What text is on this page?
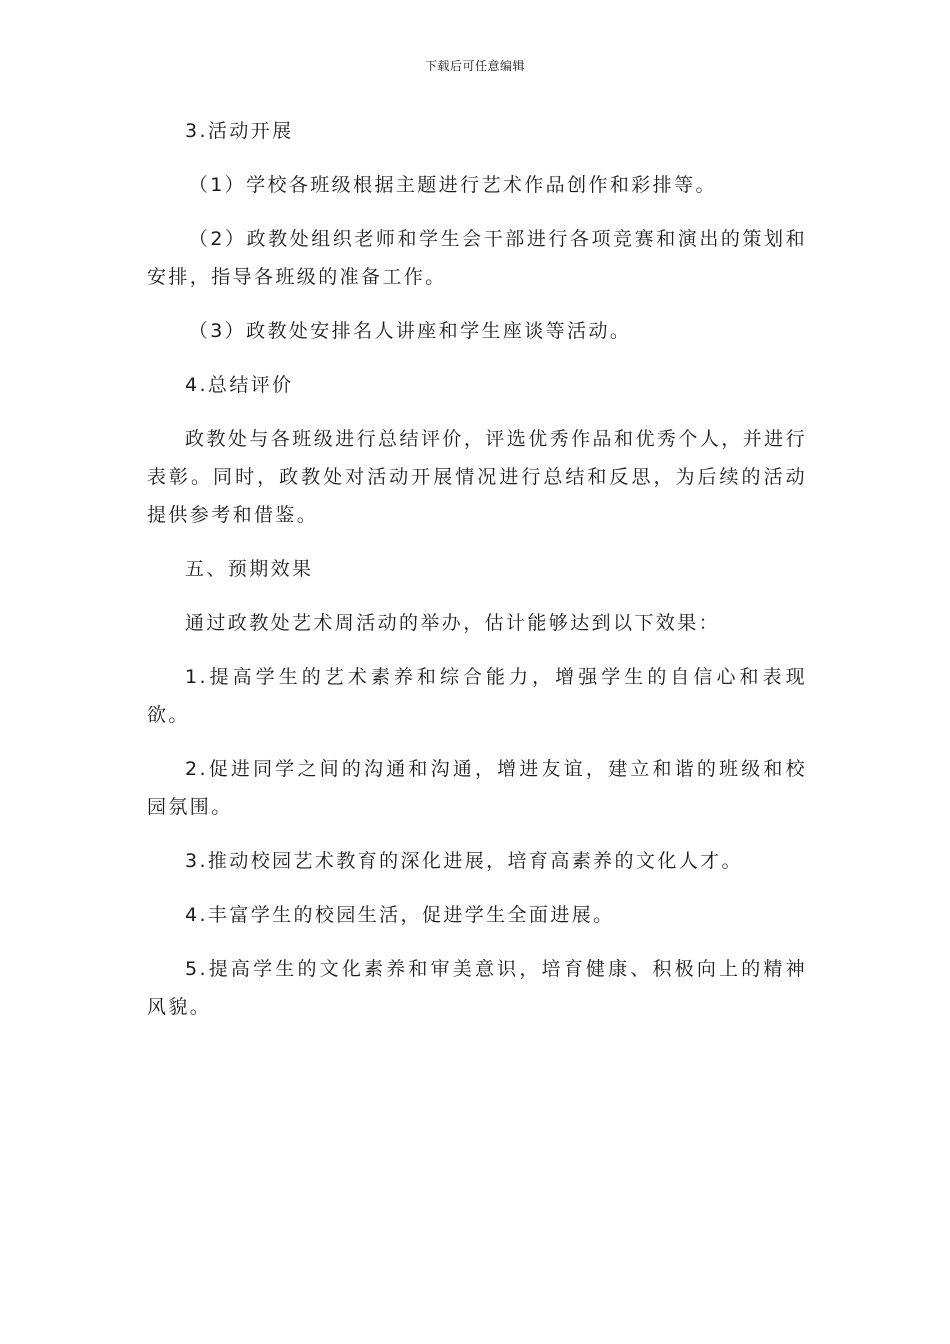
下载后可任意编辑

3.活动开展

（1）学校各班级根据主题进行艺术作品创作和彩排等。

（2）政教处组织老师和学生会干部进行各项竞赛和演出的策划和安排，指导各班级的准备工作。

（3）政教处安排名人讲座和学生座谈等活动。

4.总结评价

政教处与各班级进行总结评价，评选优秀作品和优秀个人，并进行表彰。同时，政教处对活动开展情况进行总结和反思，为后续的活动提供参考和借鉴。

五、预期效果

通过政教处艺术周活动的举办，估计能够达到以下效果：

1.提高学生的艺术素养和综合能力，增强学生的自信心和表现欲。

2.促进同学之间的沟通和沟通，增进友谊，建立和谐的班级和校园氛围。

3.推动校园艺术教育的深化进展，培育高素养的文化人才。

4.丰富学生的校园生活，促进学生全面进展。

5.提高学生的文化素养和审美意识，培育健康、积极向上的精神风貌。
